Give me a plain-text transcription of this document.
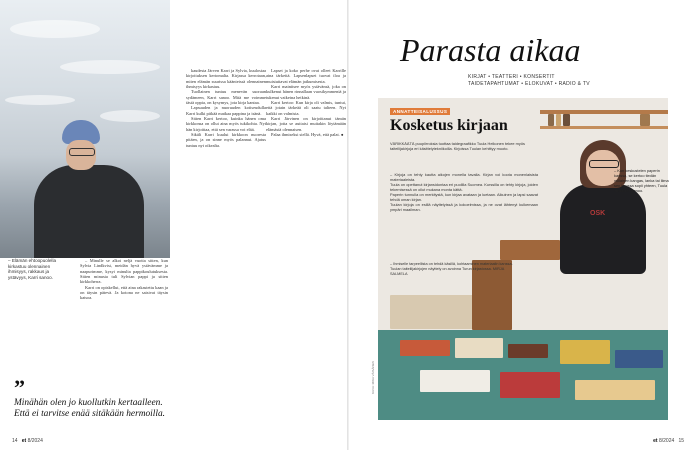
– Elämän ehtoopuolella kirkastuu olennainen ihmisyys, rakkaus ja ystävyys, Karri sanoo.

– Minulle se alkoi neljä vuotta sitten, kun Sylvia Lindkvist, meidän hyvä ystävämme ja naapurimme, kysyi minulta pappikoulutuksesta. Sitten minusta tuli Sylvian pappi ja sitten kirkkoherra.

Karri on opiskellut, että aina rakastettu kaan ja on täysin pätevä. Ja kotona ne saisivat täysin katsoa.

kaudesta Järven Karri ja Sylvia, kuulostaa kirjoituksen kertomalta. Kirjassa kerrotaan, miten elämän suurissa käänteissä olennainen ihmisyys kirkastuu.

Tuollainen tuntuu menevän suoraan sydämeen, Karri sanoo. Mitä me voimme tästä oppia, on kysymys, jota kirja kantaa.

Lapsuuden ja nuoruuden kotiseudulla Karri kulki pitkää matkaa pappina ja isänä.

Sitten Karri kertoo, kuinka hänen oma kirkkonsa on ollut aina myös tukikohta. Nyt hän kirjoittaa, että sen varassa voi elää.

Sikäli Karri kuului kirkkoon nuoresta pitäen, ja on sinne myös palannut. Ajatus tuntuu nyt oikealta.

Lapset ja koko perhe ovat olleet Karrille aina tärkeitä. Lapsenlapset tuovat iloa ja muistuttavat elämän jatkumisesta.

Karri mainitsee myös ystävänsä, joka on kulkenut hänen rinnallaan vuosikymmeniä ja tukenut vaikeina hetkinä.

Karri kertoo: Kun kirja oli valmis, tuntui, että jotain tärkeää oli saatu talteen. Nyt kaikki on valmista.

Karri Järvinen on kirjoittanut tämän kirjan, jotta se auttaisi muitakin löytämään elämästä olennaisen.

Palaa ihmiseksi siellä. Hyvä, että palat. ●

”
Minähän olen jo kuollutkin kertaalleen. Että ei tarvitse enää sitäkään hermoilla.
14 et 8/2024
Parasta aikaa
KIRJAT • TEATTERI • KONSERTIT
TAIDETAPAHTUMAT • ELOKUVAT • RADIO & TV
OSK
ANNATTEISALUSSUS
Kosketus kirjaan
VÄRIKKÄÄTÄ puupiirroksia tuottaa taidegraafikko Tuula Heikonen tekee myös taiteilijakirjoja eri käsittelytekniikoilla. Kirjoissa Tuulan kehittyy muoto.

– Kirjoja on tehty kautta aikojen monella tavalla. Kirjan voi koota monenlaisista materiaaleista.

Tuula on opettanut kirjansidontaa eri puolilla Suomea. Kurssilla on tehty kirjoja, joiden tekemisessä on ollut mukana monta kättä.

Paperin tunnulla on merkitystä, kun kirjaa avataan ja luetaan. Aikuinen ja lapsi saavat tehdä oman kirjan.

Tuulan kirjoja on esillä näyttelyissä ja kokoelmissa, ja ne ovat lähtenyt kulkemaan ympäri maailman.

– Ihmiselle tarpeellista on tehdä käsillä, kohtaaminen materiaalin kanssa. Tuulan taiteilijakirjojen näyttely on avoinna Turun kirjastossa. MIRJA SALMELA
– Kun keskustelen paperin kanssa, se kertoo tiedän millainen kangas, lanka tai liima sen kanssa sopii yhteen, Tuula Heikonen sanoo.
KUVA: MIKA VÄISÄNEN
et 8/2024 15
